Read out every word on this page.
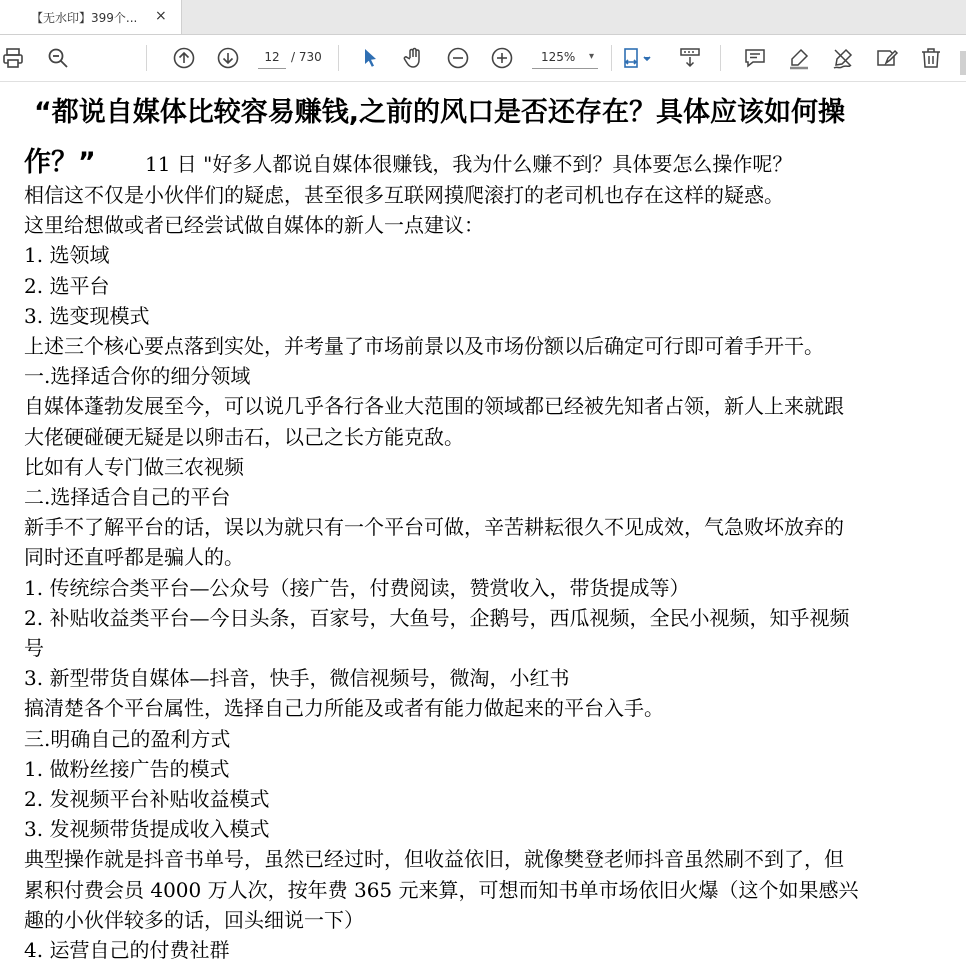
【无水印】399个... ×
12 / 730	125% ▾
“都说自媒体比较容易赚钱,之前的风口是否还存在？具体应该如何操
作？” 11 日 "好多人都说自媒体很赚钱，我为什么赚不到？具体要怎么操作呢？
相信这不仅是小伙伴们的疑虑，甚至很多互联网摸爬滚打的老司机也存在这样的疑惑。
这里给想做或者已经尝试做自媒体的新人一点建议：
1. 选领域
2. 选平台
3. 选变现模式
上述三个核心要点落到实处，并考量了市场前景以及市场份额以后确定可行即可着手开干。
一.选择适合你的细分领域
自媒体蓬勃发展至今，可以说几乎各行各业大范围的领域都已经被先知者占领，新人上来就跟
大佬硬碰硬无疑是以卵击石，以己之长方能克敌。
比如有人专门做三农视频
二.选择适合自己的平台
新手不了解平台的话，误以为就只有一个平台可做，辛苦耕耘很久不见成效，气急败坏放弃的
同时还直呼都是骗人的。
1. 传统综合类平台—公众号（接广告，付费阅读，赞赏收入，带货提成等）
2. 补贴收益类平台—今日头条，百家号，大鱼号，企鹅号，西瓜视频，全民小视频，知乎视频
号
3. 新型带货自媒体—抖音，快手，微信视频号，微淘，小红书
搞清楚各个平台属性，选择自己力所能及或者有能力做起来的平台入手。
三.明确自己的盈利方式
1. 做粉丝接广告的模式
2. 发视频平台补贴收益模式
3. 发视频带货提成收入模式
典型操作就是抖音书单号，虽然已经过时，但收益依旧，就像樊登老师抖音虽然刷不到了，但
累积付费会员 4000 万人次，按年费 365 元来算，可想而知书单市场依旧火爆（这个如果感兴
趣的小伙伴较多的话，回头细说一下）
4. 运营自己的付费社群
